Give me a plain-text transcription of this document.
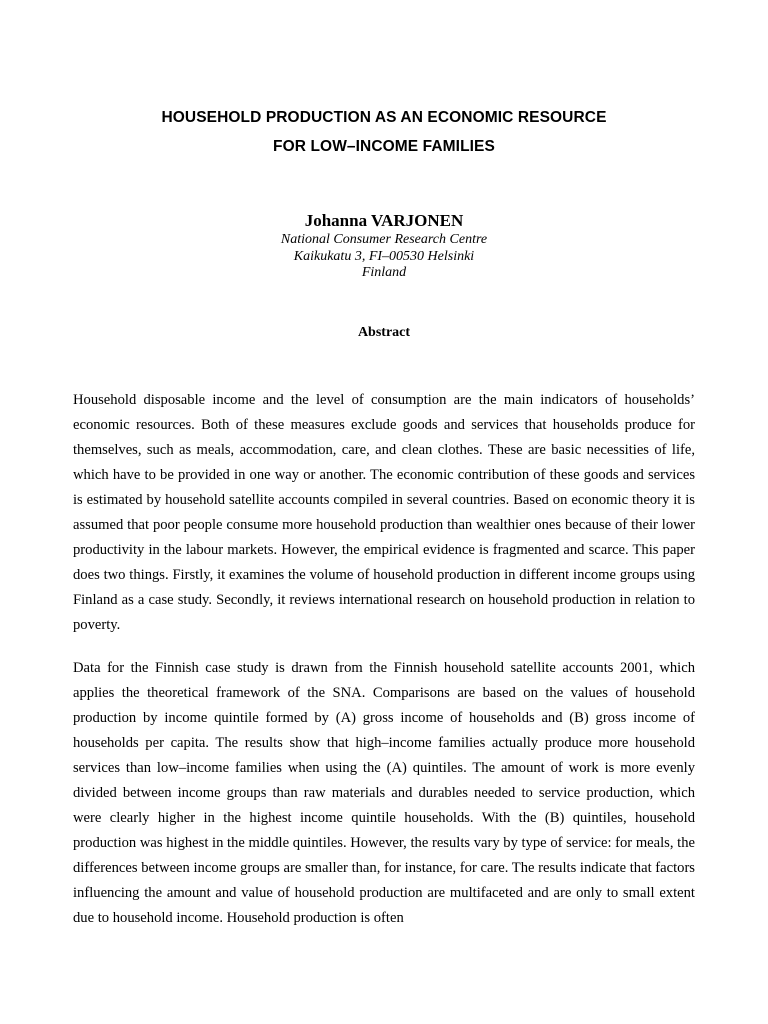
HOUSEHOLD PRODUCTION AS AN ECONOMIC RESOURCE
FOR LOW–INCOME FAMILIES
Johanna VARJONEN
National Consumer Research Centre
Kaikukatu 3, FI–00530 Helsinki
Finland
Abstract

Household disposable income and the level of consumption are the main indicators of households’ economic resources. Both of these measures exclude goods and services that households produce for themselves, such as meals, accommodation, care, and clean clothes. These are basic necessities of life, which have to be provided in one way or another. The economic contribution of these goods and services is estimated by household satellite accounts compiled in several countries. Based on economic theory it is assumed that poor people consume more household production than wealthier ones because of their lower productivity in the labour markets. However, the empirical evidence is fragmented and scarce. This paper does two things. Firstly, it examines the volume of household production in different income groups using Finland as a case study. Secondly, it reviews international research on household production in relation to poverty.

Data for the Finnish case study is drawn from the Finnish household satellite accounts 2001, which applies the theoretical framework of the SNA. Comparisons are based on the values of household production by income quintile formed by (A) gross income of households and (B) gross income of households per capita. The results show that high–income families actually produce more household services than low–income families when using the (A) quintiles. The amount of work is more evenly divided between income groups than raw materials and durables needed to service production, which were clearly higher in the highest income quintile households. With the (B) quintiles, household production was highest in the middle quintiles. However, the results vary by type of service: for meals, the differences between income groups are smaller than, for instance, for care. The results indicate that factors influencing the amount and value of household production are multifaceted and are only to small extent due to household income. Household production is often
